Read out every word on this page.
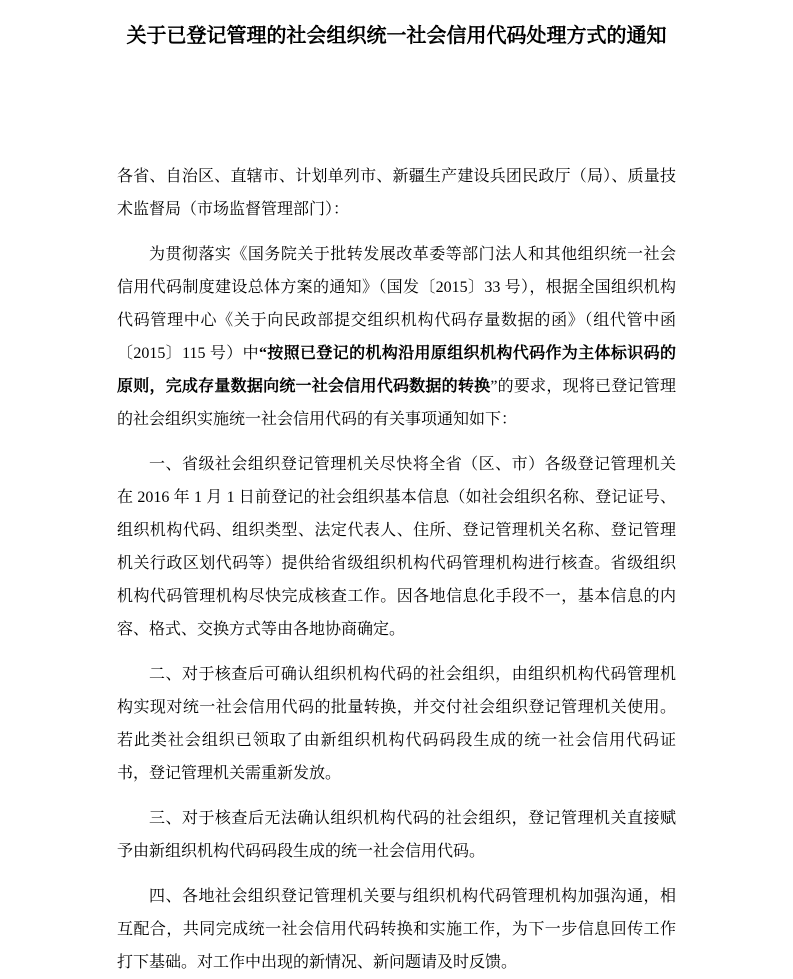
关于已登记管理的社会组织统一社会信用代码处理方式的通知

各省、自治区、直辖市、计划单列市、新疆生产建设兵团民政厅（局）、质量技术监督局（市场监督管理部门）：

为贯彻落实《国务院关于批转发展改革委等部门法人和其他组织统一社会信用代码制度建设总体方案的通知》（国发〔2015〕33 号），根据全国组织机构代码管理中心《关于向民政部提交组织机构代码存量数据的函》（组代管中函〔2015〕115 号）中“按照已登记的机构沿用原组织机构代码作为主体标识码的原则，完成存量数据向统一社会信用代码数据的转换”的要求，现将已登记管理的社会组织实施统一社会信用代码的有关事项通知如下：

一、省级社会组织登记管理机关尽快将全省（区、市）各级登记管理机关在 2016 年 1 月 1 日前登记的社会组织基本信息（如社会组织名称、登记证号、组织机构代码、组织类型、法定代表人、住所、登记管理机关名称、登记管理机关行政区划代码等）提供给省级组织机构代码管理机构进行核查。省级组织机构代码管理机构尽快完成核查工作。因各地信息化手段不一，基本信息的内容、格式、交换方式等由各地协商确定。

二、对于核查后可确认组织机构代码的社会组织，由组织机构代码管理机构实现对统一社会信用代码的批量转换，并交付社会组织登记管理机关使用。若此类社会组织已领取了由新组织机构代码码段生成的统一社会信用代码证书，登记管理机关需重新发放。

三、对于核查后无法确认组织机构代码的社会组织，登记管理机关直接赋予由新组织机构代码码段生成的统一社会信用代码。

四、各地社会组织登记管理机关要与组织机构代码管理机构加强沟通，相互配合，共同完成统一社会信用代码转换和实施工作，为下一步信息回传工作打下基础。对工作中出现的新情况、新问题请及时反馈。
